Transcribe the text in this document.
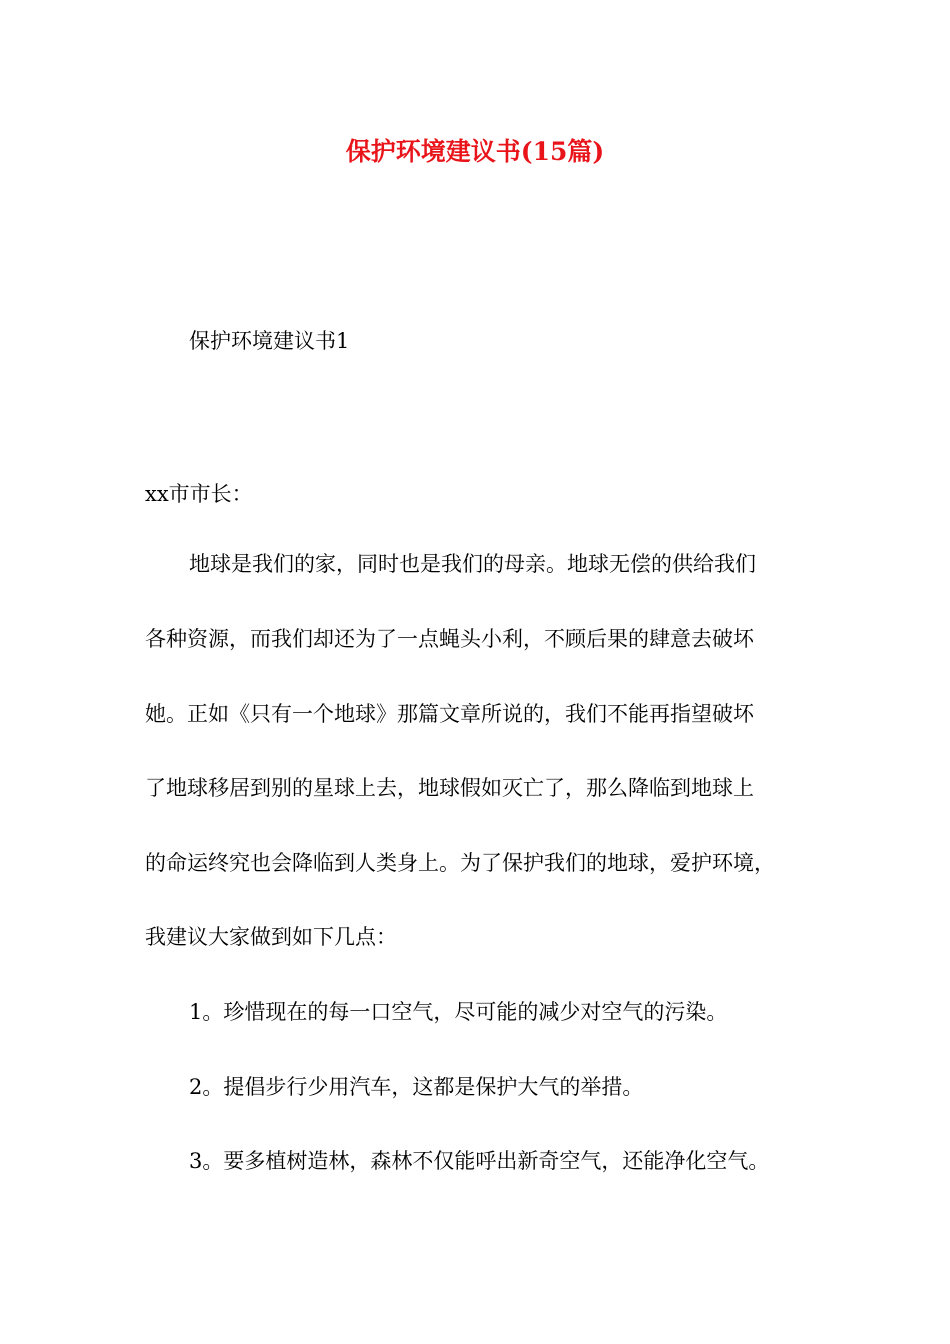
保护环境建议书(15篇)
保护环境建议书1
xx市市长：
地球是我们的家，同时也是我们的母亲。地球无偿的供给我们
各种资源，而我们却还为了一点蝇头小利，不顾后果的肆意去破坏
她。正如《只有一个地球》那篇文章所说的，我们不能再指望破坏
了地球移居到别的星球上去，地球假如灭亡了，那么降临到地球上
的命运终究也会降临到人类身上。为了保护我们的地球，爱护环境，
我建议大家做到如下几点：
1。珍惜现在的每一口空气，尽可能的减少对空气的污染。
2。提倡步行少用汽车，这都是保护大气的举措。
3。要多植树造林，森林不仅能呼出新奇空气，还能净化空气。
